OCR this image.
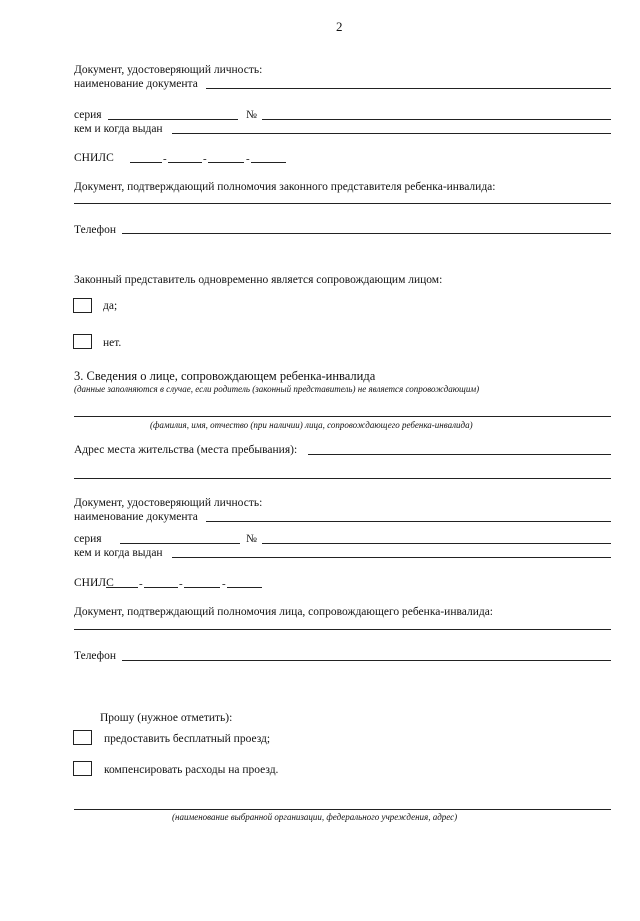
2
Документ, удостоверяющий личность:
наименование документа
серия	№
кем и когда выдан
СНИЛС	-	-	-
Документ, подтверждающий полномочия законного представителя ребенка-инвалида:
Телефон
Законный представитель одновременно является сопровождающим лицом:
да;
нет.
3. Сведения о лице, сопровождающем ребенка-инвалида
(данные заполняются в случае, если родитель (законный представитель) не является сопровождающим)
(фамилия, имя, отчество (при наличии) лица, сопровождающего ребенка-инвалида)
Адрес места жительства (места пребывания):
Документ, удостоверяющий личность:
наименование документа
серия	№
кем и когда выдан
СНИЛС -	-	-
Документ, подтверждающий полномочия лица, сопровождающего ребенка-инвалида:
Телефон
Прошу (нужное отметить):
предоставить бесплатный проезд;
компенсировать расходы на проезд.
(наименование выбранной организации, федерального учреждения, адрес)
